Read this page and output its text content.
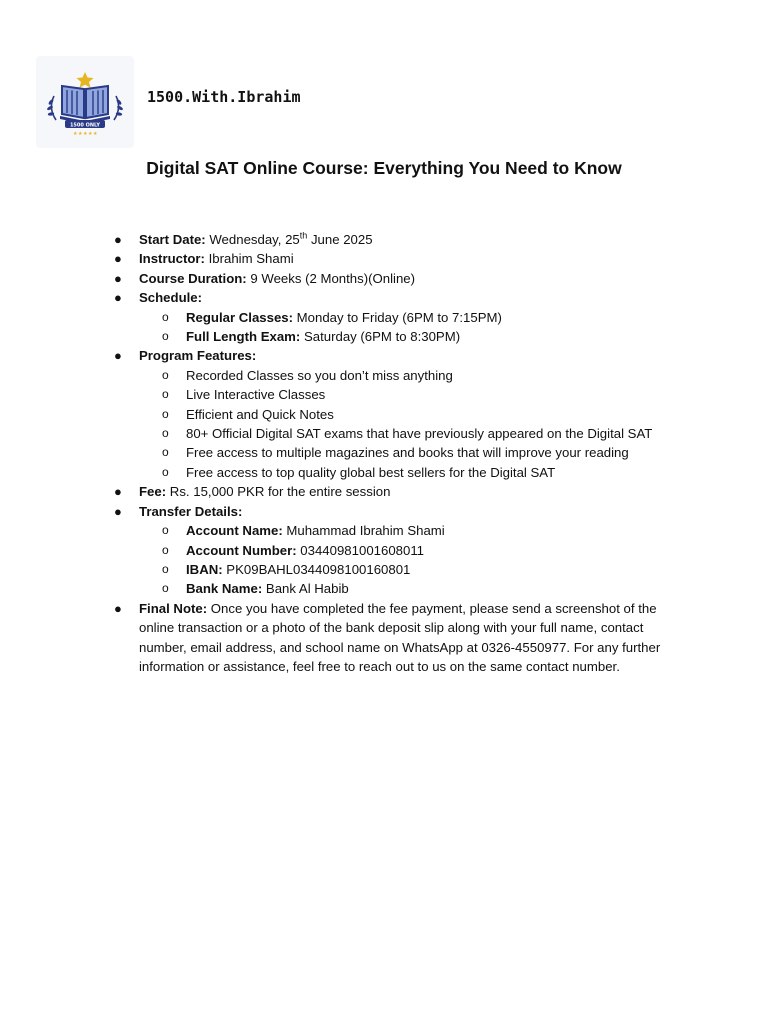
1500 ONLY
★ ★ ★ ★ ★
1500.With.Ibrahim
Digital SAT Online Course: Everything You Need to Know
●	Start Date: Wednesday, 25th June 2025
●	Instructor: Ibrahim Shami
●	Course Duration: 9 Weeks (2 Months)(Online)
●	Schedule:
o Regular Classes: Monday to Friday (6PM to 7:15PM)
o Full Length Exam: Saturday (6PM to 8:30PM)
●	Program Features:
o Recorded Classes so you don’t miss anything
o Live Interactive Classes
o Efficient and Quick Notes
o 80+ Official Digital SAT exams that have previously appeared on the Digital SAT
o Free access to multiple magazines and books that will improve your reading
o Free access to top quality global best sellers for the Digital SAT
●	Fee: Rs. 15,000 PKR for the entire session
●	Transfer Details:
o Account Name: Muhammad Ibrahim Shami
o Account Number: 03440981001608011
o IBAN: PK09BAHL0344098100160801
o Bank Name: Bank Al Habib
●	Final Note: Once you have completed the fee payment, please send a screenshot of the online transaction or a photo of the bank deposit slip along with your full name, contact number, email address, and school name on WhatsApp at 0326-4550977. For any further information or assistance, feel free to reach out to us on the same contact number.
